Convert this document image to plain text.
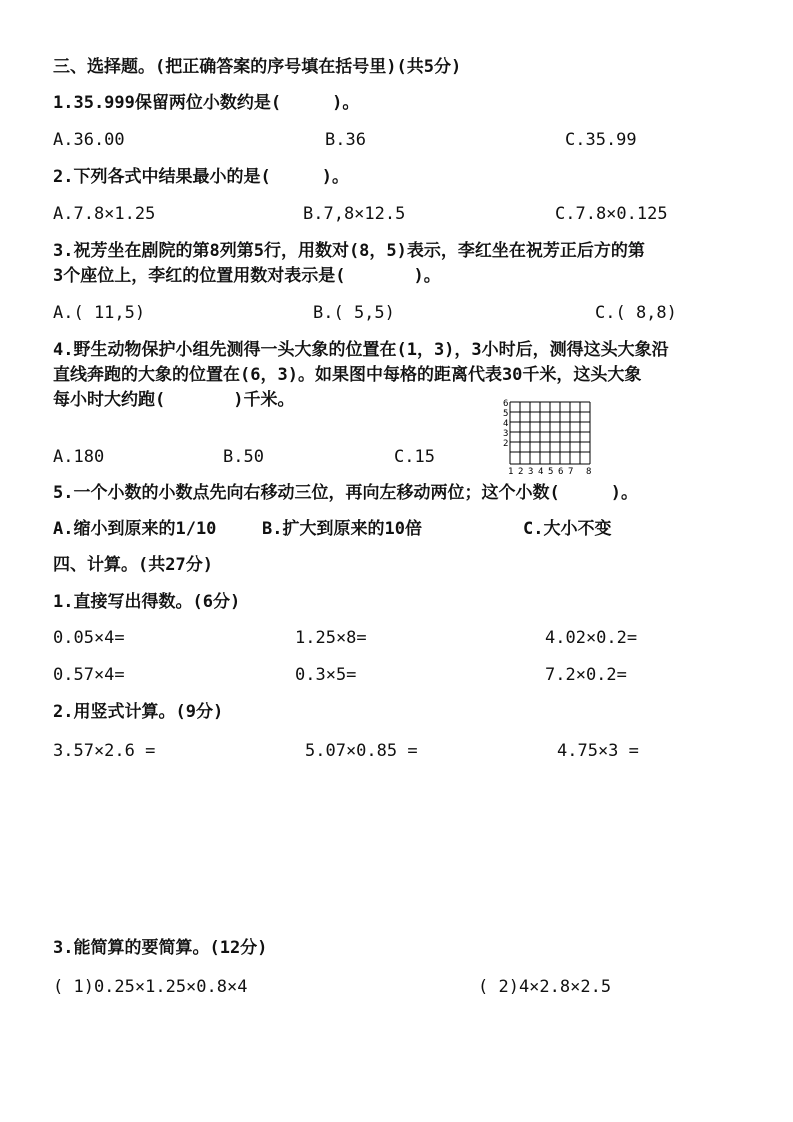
三、选择题。(把正确答案的序号填在括号里)(共5分)
1.35.999保留两位小数约是(　　　)。
A.36.00	B.36	C.35.99
2.下列各式中结果最小的是(　　　)。
A.7.8×1.25	B.7,8×12.5	C.7.8×0.125
3.祝芳坐在剧院的第8列第5行，用数对(8，5)表示，李红坐在祝芳正后方的第
3个座位上，李红的位置用数对表示是(　　　　)。
A.( 11,5)	B.( 5,5)	C.( 8,8)
4.野生动物保护小组先测得一头大象的位置在(1，3)，3小时后，测得这头大象沿
直线奔跑的大象的位置在(6，3)。如果图中每格的距离代表30千米，这头大象
每小时大约跑(　　　　)千米。	6
5
4
3
2
1 2 3 4 5 6 7 8
A.180	B.50	C.15
5.一个小数的小数点先向右移动三位，再向左移动两位；这个小数(　　　)。
A.缩小到原来的1/10	B.扩大到原来的10倍	C.大小不变
四、计算。(共27分)
1.直接写出得数。(6分)
0.05×4=	1.25×8=	4.02×0.2=
0.57×4=	0.3×5=	7.2×0.2=
2.用竖式计算。(9分)
3.57×2.6 =	5.07×0.85 =	4.75×3 =
3.能简算的要简算。(12分)
( 1)0.25×1.25×0.8×4	( 2)4×2.8×2.5
